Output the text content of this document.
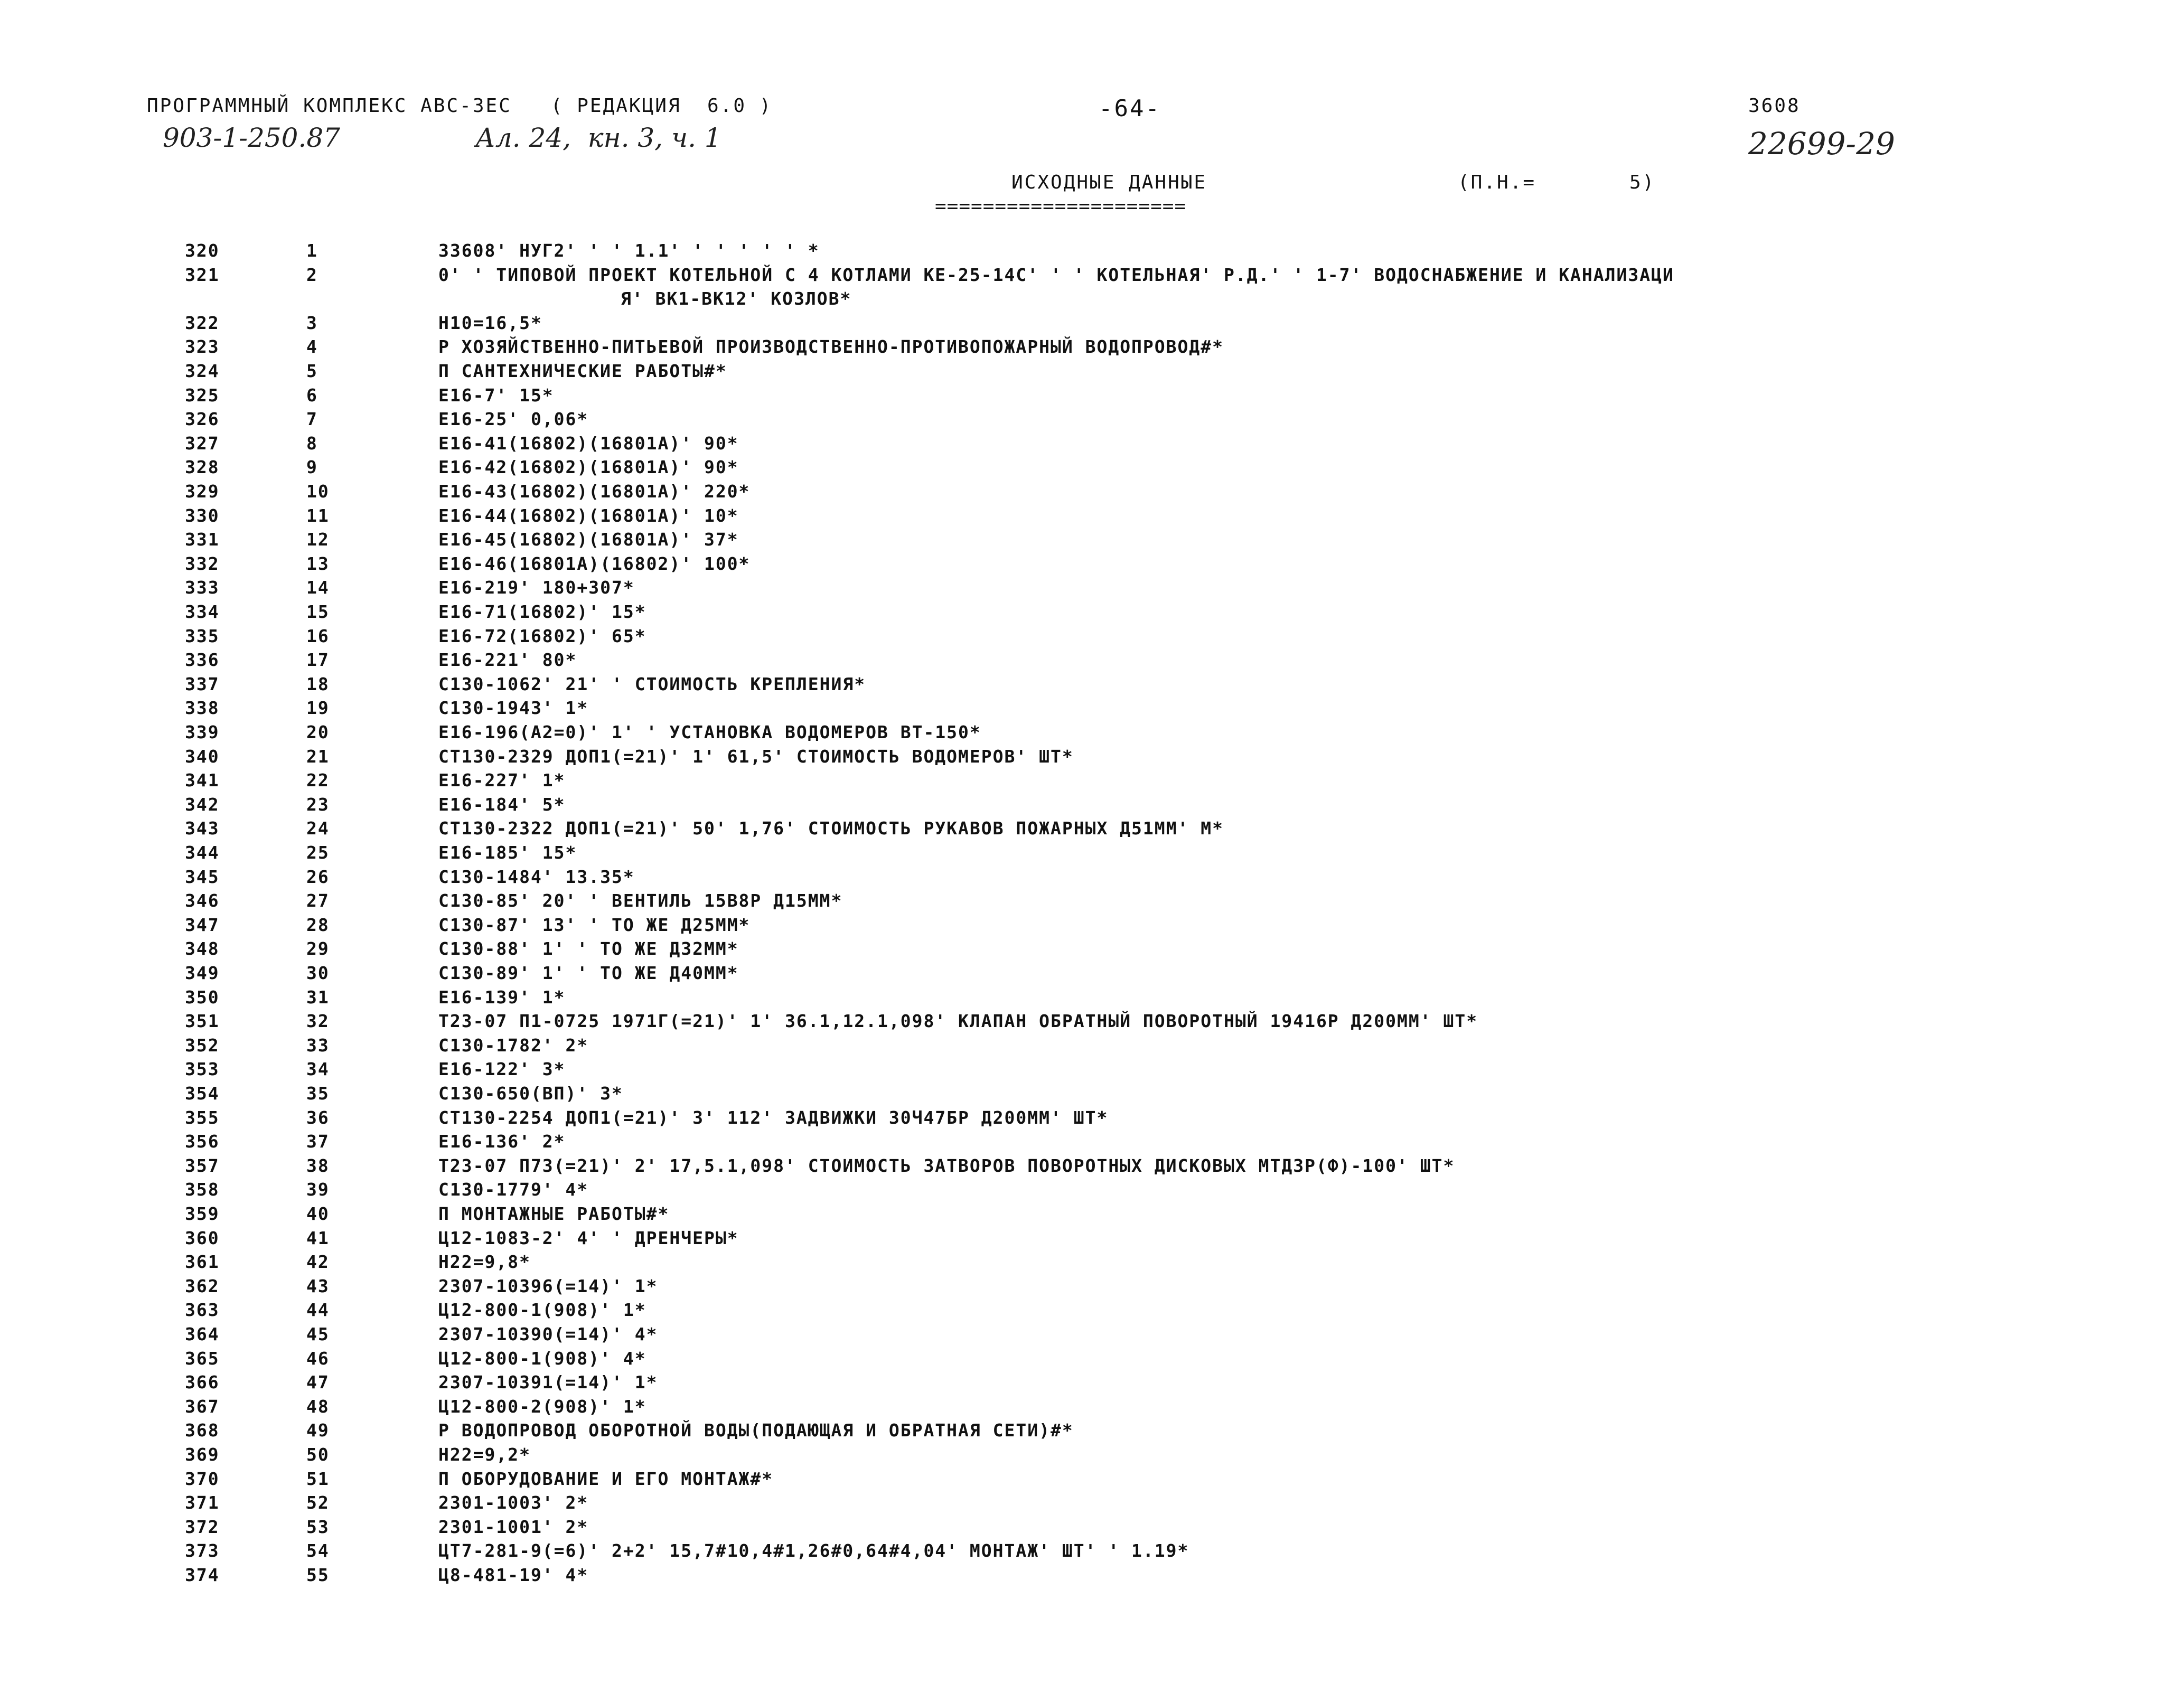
ПРОГРАММНЫЙ КОМПЛЕКС АВС-3ЕС   ( РЕДАКЦИЯ  6.0 )	-64-	3608
903-1-250.87	Ал. 24,  кн. 3, ч. 1	22699-29
ИСХОДНЫЕ ДАННЫЕ
=====================
(П.Н.=	5)
320	1	33608' НУГ2' ' ' 1.1' ' ' ' ' ' *
321	2	0' ' ТИПОВОЙ ПРОЕКТ КОТЕЛЬНОЙ С 4 КОТЛАМИ КЕ-25-14С' ' ' КОТЕЛЬНАЯ' Р.Д.' ' 1-7' ВОДОСНАБЖЕНИЕ И КАНАЛИЗАЦИ
Я' ВК1-ВК12' КОЗЛОВ*
322	3	Н10=16,5*
323	4	Р ХОЗЯЙСТВЕННО-ПИТЬЕВОЙ ПРОИЗВОДСТВЕННО-ПРОТИВОПОЖАРНЫЙ ВОДОПРОВОД#*
324	5	П САНТЕХНИЧЕСКИЕ РАБОТЫ#*
325	6	Е16-7' 15*
326	7	Е16-25' 0,06*
327	8	Е16-41(16802)(16801А)' 90*
328	9	Е16-42(16802)(16801А)' 90*
329	10	Е16-43(16802)(16801А)' 220*
330	11	Е16-44(16802)(16801А)' 10*
331	12	Е16-45(16802)(16801А)' 37*
332	13	Е16-46(16801А)(16802)' 100*
333	14	Е16-219' 180+307*
334	15	Е16-71(16802)' 15*
335	16	Е16-72(16802)' 65*
336	17	Е16-221' 80*
337	18	С130-1062' 21' ' СТОИМОСТЬ КРЕПЛЕНИЯ*
338	19	С130-1943' 1*
339	20	Е16-196(А2=0)' 1' ' УСТАНОВКА ВОДОМЕРОВ ВТ-150*
340	21	СТ130-2329 ДОП1(=21)' 1' 61,5' СТОИМОСТЬ ВОДОМЕРОВ' ШТ*
341	22	Е16-227' 1*
342	23	Е16-184' 5*
343	24	СТ130-2322 ДОП1(=21)' 50' 1,76' СТОИМОСТЬ РУКАВОВ ПОЖАРНЫХ Д51ММ' М*
344	25	Е16-185' 15*
345	26	С130-1484' 13.35*
346	27	С130-85' 20' ' ВЕНТИЛЬ 15В8Р Д15ММ*
347	28	С130-87' 13' ' ТО ЖЕ Д25ММ*
348	29	С130-88' 1' ' ТО ЖЕ Д32ММ*
349	30	С130-89' 1' ' ТО ЖЕ Д40ММ*
350	31	Е16-139' 1*
351	32	Т23-07 П1-0725 1971Г(=21)' 1' 36.1,12.1,098' КЛАПАН ОБРАТНЫЙ ПОВОРОТНЫЙ 19416Р Д200ММ' ШТ*
352	33	С130-1782' 2*
353	34	Е16-122' 3*
354	35	С130-650(ВП)' 3*
355	36	СТ130-2254 ДОП1(=21)' 3' 112' ЗАДВИЖКИ 30Ч47БР Д200ММ' ШТ*
356	37	Е16-136' 2*
357	38	Т23-07 П73(=21)' 2' 17,5.1,098' СТОИМОСТЬ ЗАТВОРОВ ПОВОРОТНЫХ ДИСКОВЫХ МТДЗР(Ф)-100' ШТ*
358	39	С130-1779' 4*
359	40	П МОНТАЖНЫЕ РАБОТЫ#*
360	41	Ц12-1083-2' 4' ' ДРЕНЧЕРЫ*
361	42	Н22=9,8*
362	43	2307-10396(=14)' 1*
363	44	Ц12-800-1(908)' 1*
364	45	2307-10390(=14)' 4*
365	46	Ц12-800-1(908)' 4*
366	47	2307-10391(=14)' 1*
367	48	Ц12-800-2(908)' 1*
368	49	Р ВОДОПРОВОД ОБОРОТНОЙ ВОДЫ(ПОДАЮЩАЯ И ОБРАТНАЯ СЕТИ)#*
369	50	Н22=9,2*
370	51	П ОБОРУДОВАНИЕ И ЕГО МОНТАЖ#*
371	52	2301-1003' 2*
372	53	2301-1001' 2*
373	54	ЦТ7-281-9(=6)' 2+2' 15,7#10,4#1,26#0,64#4,04' МОНТАЖ' ШТ' ' 1.19*
374	55	Ц8-481-19' 4*
